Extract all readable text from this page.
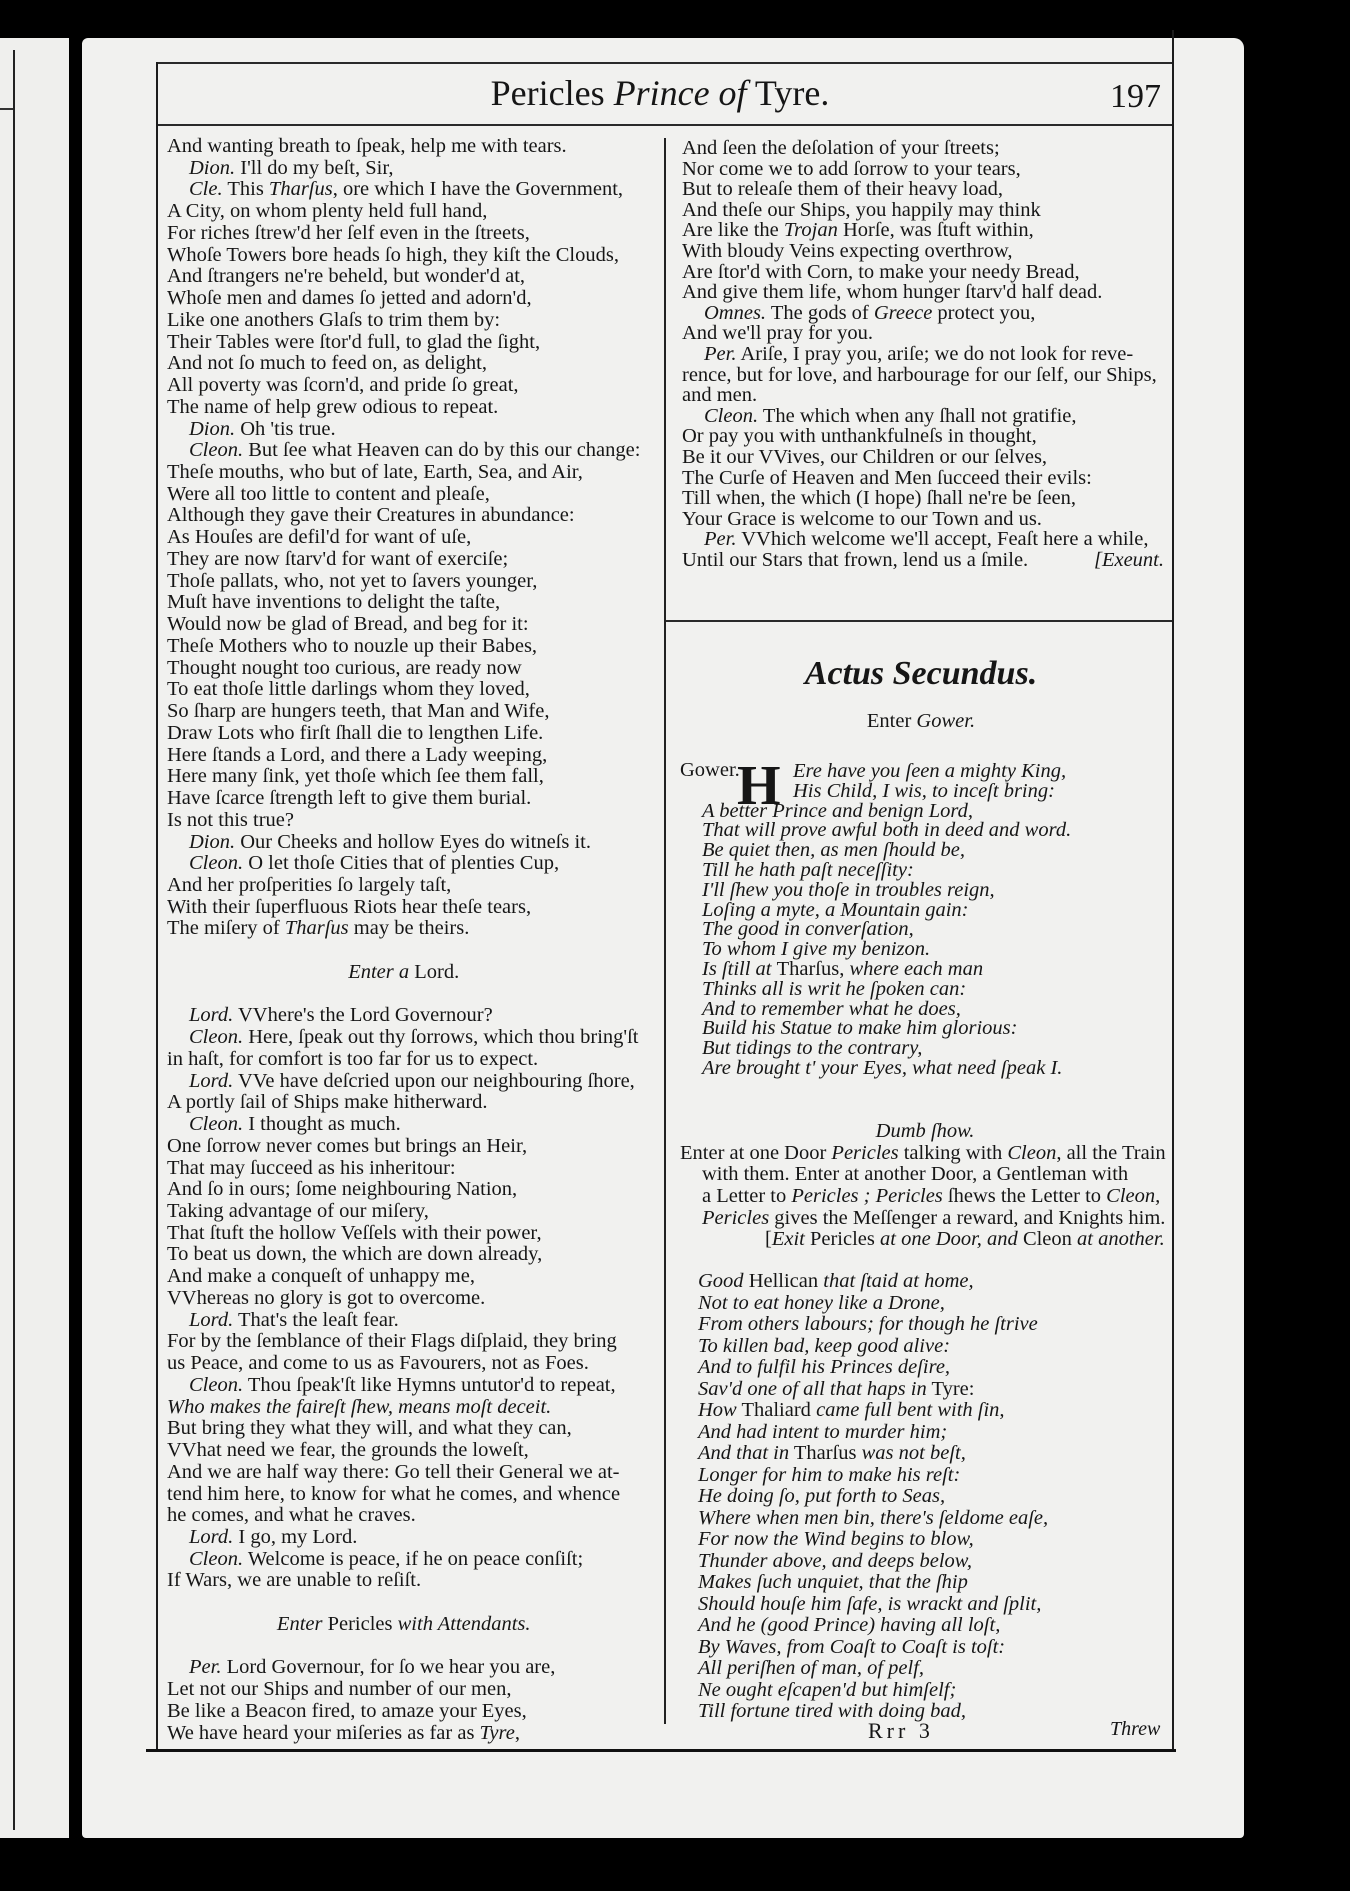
Pericles Prince of Tyre.	197
And wanting breath to ſpeak, help me with tears.
Dion. I'll do my beſt, Sir,
Cle. This Tharſus, ore which I have the Government,
A City, on whom plenty held full hand,
For riches ſtrew'd her ſelf even in the ſtreets,
Whoſe Towers bore heads ſo high, they kiſt the Clouds,
And ſtrangers ne're beheld, but wonder'd at,
Whoſe men and dames ſo jetted and adorn'd,
Like one anothers Glaſs to trim them by:
Their Tables were ſtor'd full, to glad the ſight,
And not ſo much to feed on, as delight,
All poverty was ſcorn'd, and pride ſo great,
The name of help grew odious to repeat.
Dion. Oh 'tis true.
Cleon. But ſee what Heaven can do by this our change:
Theſe mouths, who but of late, Earth, Sea, and Air,
Were all too little to content and pleaſe,
Although they gave their Creatures in abundance:
As Houſes are defil'd for want of uſe,
They are now ſtarv'd for want of exerciſe;
Thoſe pallats, who, not yet to ſavers younger,
Muſt have inventions to delight the taſte,
Would now be glad of Bread, and beg for it:
Theſe Mothers who to nouzle up their Babes,
Thought nought too curious, are ready now
To eat thoſe little darlings whom they loved,
So ſharp are hungers teeth, that Man and Wife,
Draw Lots who firſt ſhall die to lengthen Life.
Here ſtands a Lord, and there a Lady weeping,
Here many ſink, yet thoſe which ſee them fall,
Have ſcarce ſtrength left to give them burial.
Is not this true?
Dion. Our Cheeks and hollow Eyes do witneſs it.
Cleon. O let thoſe Cities that of plenties Cup,
And her proſperities ſo largely taſt,
With their ſuperfluous Riots hear theſe tears,
The miſery of Tharſus may be theirs.
Enter a Lord.
Lord. VVhere's the Lord Governour?
Cleon. Here, ſpeak out thy ſorrows, which thou bring'ſt
in haſt, for comfort is too far for us to expect.
Lord. VVe have deſcried upon our neighbouring ſhore,
A portly ſail of Ships make hitherward.
Cleon. I thought as much.
One ſorrow never comes but brings an Heir,
That may ſucceed as his inheritour:
And ſo in ours; ſome neighbouring Nation,
Taking advantage of our miſery,
That ſtuft the hollow Veſſels with their power,
To beat us down, the which are down already,
And make a conqueſt of unhappy me,
VVhereas no glory is got to overcome.
Lord. That's the leaſt fear.
For by the ſemblance of their Flags diſplaid, they bring
us Peace, and come to us as Favourers, not as Foes.
Cleon. Thou ſpeak'ſt like Hymns untutor'd to repeat,
Who makes the faireſt ſhew, means moſt deceit.
But bring they what they will, and what they can,
VVhat need we fear, the grounds the loweſt,
And we are half way there: Go tell their General we at-
tend him here, to know for what he comes, and whence
he comes, and what he craves.
Lord. I go, my Lord.
Cleon. Welcome is peace, if he on peace conſiſt;
If Wars, we are unable to reſiſt.
Enter Pericles with Attendants.
Per. Lord Governour, for ſo we hear you are,
Let not our Ships and number of our men,
Be like a Beacon fired, to amaze your Eyes,
We have heard your miſeries as far as Tyre,
And ſeen the deſolation of your ſtreets;
Nor come we to add ſorrow to your tears,
But to releaſe them of their heavy load,
And theſe our Ships, you happily may think
Are like the Trojan Horſe, was ſtuft within,
With bloudy Veins expecting overthrow,
Are ſtor'd with Corn, to make your needy Bread,
And give them life, whom hunger ſtarv'd half dead.
Omnes. The gods of Greece protect you,
And we'll pray for you.
Per. Ariſe, I pray you, ariſe; we do not look for reve-
rence, but for love, and harbourage for our ſelf, our Ships,
and men.
Cleon. The which when any ſhall not gratifie,
Or pay you with unthankfulneſs in thought,
Be it our VVives, our Children or our ſelves,
The Curſe of Heaven and Men ſucceed their evils:
Till when, the which (I hope) ſhall ne're be ſeen,
Your Grace is welcome to our Town and us.
Per. VVhich welcome we'll accept, Feaſt here a while,
Until our Stars that frown, lend us a ſmile.	[Exeunt.
Actus Secundus.
Enter Gower.
Gower.
H Ere have you ſeen a mighty King,
His Child, I wis, to inceſt bring:
A better Prince and benign Lord,
That will prove awful both in deed and word.
Be quiet then, as men ſhould be,
Till he hath paſt neceſſity:
I'll ſhew you thoſe in troubles reign,
Loſing a myte, a Mountain gain:
The good in converſation,
To whom I give my benizon.
Is ſtill at Tharſus, where each man
Thinks all is writ he ſpoken can:
And to remember what he does,
Build his Statue to make him glorious:
But tidings to the contrary,
Are brought t' your Eyes, what need ſpeak I.
Dumb ſhow.
Enter at one Door Pericles talking with Cleon, all the Train
with them. Enter at another Door, a Gentleman with
a Letter to Pericles ; Pericles ſhews the Letter to Cleon,
Pericles gives the Meſſenger a reward, and Knights him.
[Exit Pericles at one Door, and Cleon at another.
Good Hellican that ſtaid at home,
Not to eat honey like a Drone,
From others labours; for though he ſtrive
To killen bad, keep good alive:
And to fulfil his Princes deſire,
Sav'd one of all that haps in Tyre:
How Thaliard came full bent with ſin,
And had intent to murder him;
And that in Tharſus was not beſt,
Longer for him to make his reſt:
He doing ſo, put forth to Seas,
Where when men bin, there's ſeldome eaſe,
For now the Wind begins to blow,
Thunder above, and deeps below,
Makes ſuch unquiet, that the ſhip
Should houſe him ſafe, is wrackt and ſplit,
And he (good Prince) having all loſt,
By Waves, from Coaſt to Coaſt is toſt:
All periſhen of man, of pelf,
Ne ought eſcapen'd but himſelf;
Till fortune tired with doing bad,
Rrr 3	Threw
